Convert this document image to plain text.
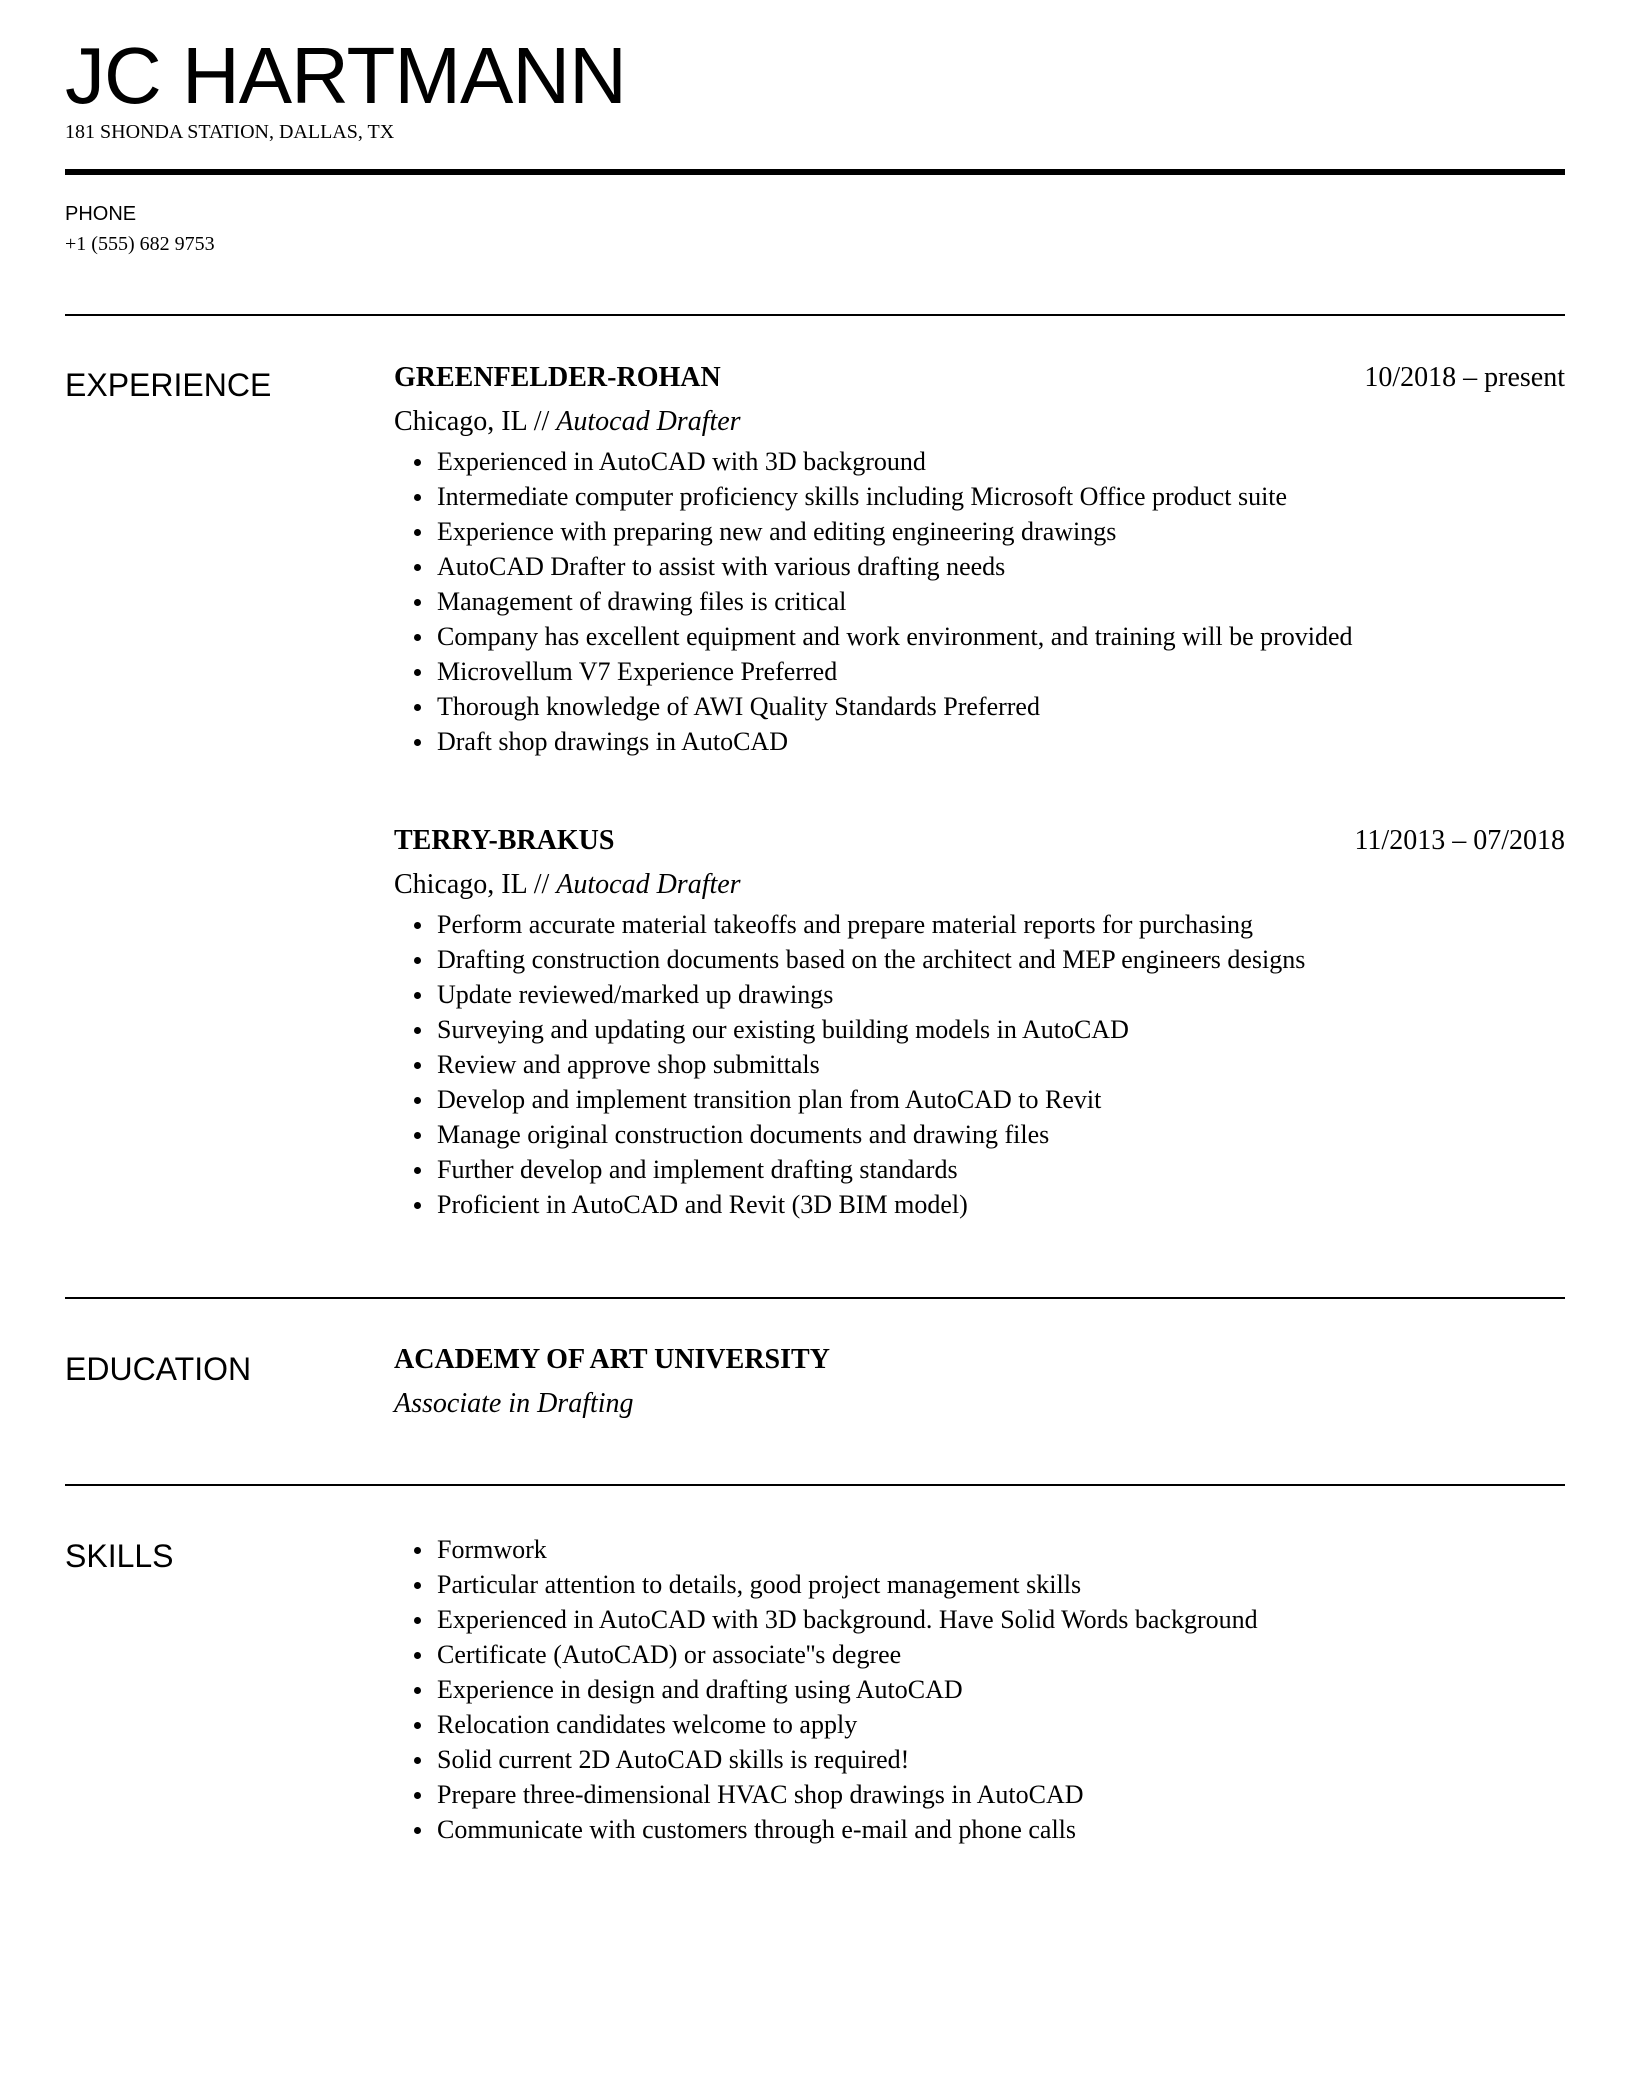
JC HARTMANN
181 SHONDA STATION, DALLAS, TX
PHONE
+1 (555) 682 9753
EXPERIENCE	GREENFELDER-ROHAN	10/2018 – present
Chicago, IL // Autocad Drafter
Experienced in AutoCAD with 3D background
Intermediate computer proficiency skills including Microsoft Office product suite
Experience with preparing new and editing engineering drawings
AutoCAD Drafter to assist with various drafting needs
Management of drawing files is critical
Company has excellent equipment and work environment, and training will be provided
Microvellum V7 Experience Preferred
Thorough knowledge of AWI Quality Standards Preferred
Draft shop drawings in AutoCAD
TERRY-BRAKUS	11/2013 – 07/2018
Chicago, IL // Autocad Drafter
Perform accurate material takeoffs and prepare material reports for purchasing
Drafting construction documents based on the architect and MEP engineers designs
Update reviewed/marked up drawings
Surveying and updating our existing building models in AutoCAD
Review and approve shop submittals
Develop and implement transition plan from AutoCAD to Revit
Manage original construction documents and drawing files
Further develop and implement drafting standards
Proficient in AutoCAD and Revit (3D BIM model)
EDUCATION	ACADEMY OF ART UNIVERSITY
Associate in Drafting
SKILLS	Formwork
Particular attention to details, good project management skills
Experienced in AutoCAD with 3D background. Have Solid Words background
Certificate (AutoCAD) or associate''s degree
Experience in design and drafting using AutoCAD
Relocation candidates welcome to apply
Solid current 2D AutoCAD skills is required!
Prepare three-dimensional HVAC shop drawings in AutoCAD
Communicate with customers through e-mail and phone calls
